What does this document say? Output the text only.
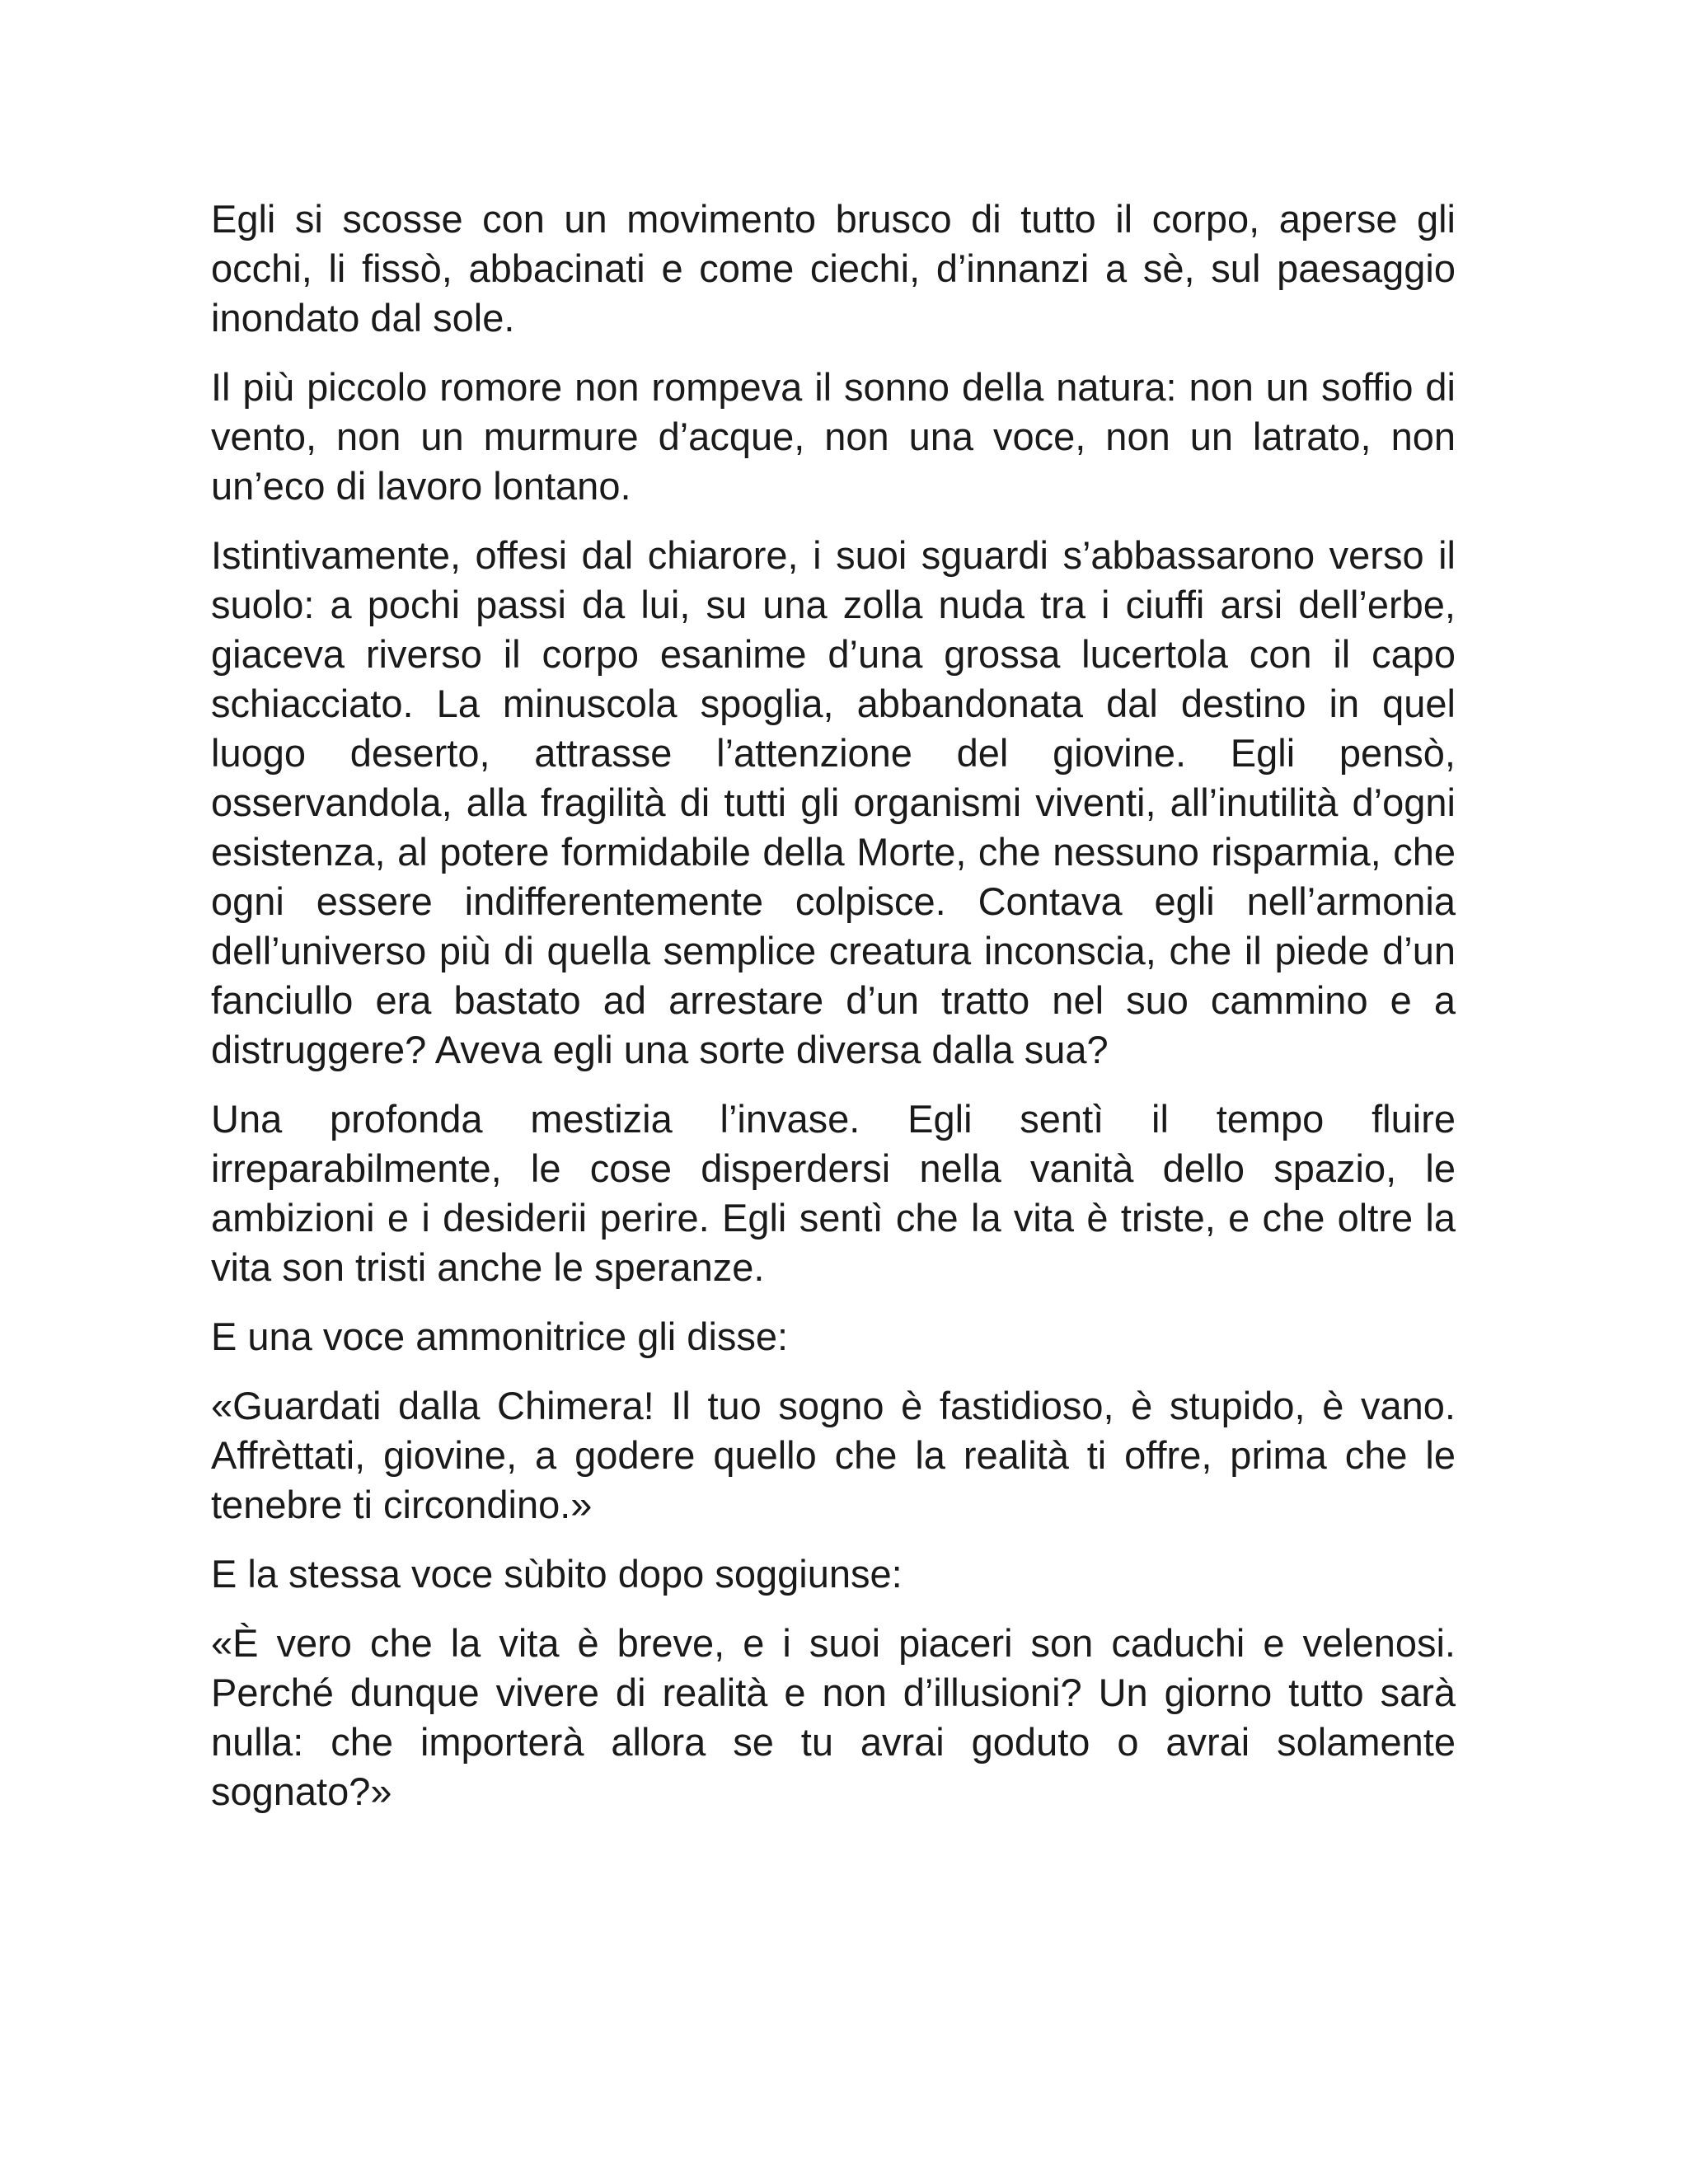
Egli si scosse con un movimento brusco di tutto il corpo, aperse gli occhi, li fissò, abbacinati e come ciechi, d’innanzi a sè, sul paesaggio inondato dal sole.

Il più piccolo romore non rompeva il sonno della natura: non un soffio di vento, non un murmure d’acque, non una voce, non un latrato, non un’eco di lavoro lontano.

Istintivamente, offesi dal chiarore, i suoi sguardi s’abbassarono verso il suolo: a pochi passi da lui, su una zolla nuda tra i ciuffi arsi dell’erbe, giaceva riverso il corpo esanime d’una grossa lucertola con il capo schiacciato. La minuscola spoglia, abbandonata dal destino in quel luogo deserto, attrasse l’attenzione del giovine. Egli pensò, osservandola, alla fragilità di tutti gli organismi viventi, all’inutilità d’ogni esistenza, al potere formidabile della Morte, che nessuno risparmia, che ogni essere indifferentemente colpisce. Contava egli nell’armonia dell’universo più di quella semplice creatura inconscia, che il piede d’un fanciullo era bastato ad arrestare d’un tratto nel suo cammino e a distruggere? Aveva egli una sorte diversa dalla sua?

Una profonda mestizia l’invase. Egli sentì il tempo fluire irreparabilmente, le cose disperdersi nella vanità dello spazio, le ambizioni e i desiderii perire. Egli sentì che la vita è triste, e che oltre la vita son tristi anche le speranze.

E una voce ammonitrice gli disse:

«Guardati dalla Chimera! Il tuo sogno è fastidioso, è stupido, è vano. Affrèttati, giovine, a godere quello che la realità ti offre, prima che le tenebre ti circondino.»

E la stessa voce sùbito dopo soggiunse:

«È vero che la vita è breve, e i suoi piaceri son caduchi e velenosi. Perché dunque vivere di realità e non d’illusioni? Un giorno tutto sarà nulla: che importerà allora se tu avrai goduto o avrai solamente sognato?»
